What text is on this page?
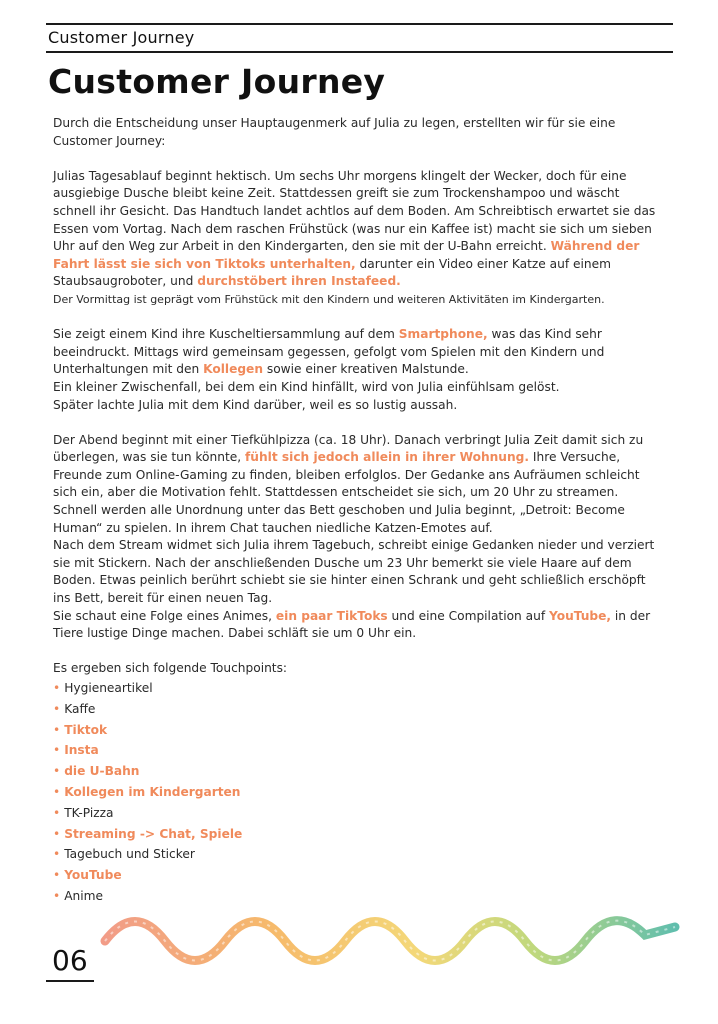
Customer Journey
Customer Journey

Durch die Entscheidung unser Hauptaugenmerk auf Julia zu legen, erstellten wir für sie eine Customer Journey:

Julias Tagesablauf beginnt hektisch. Um sechs Uhr morgens klingelt der Wecker, doch für eine ausgiebige Dusche bleibt keine Zeit. Stattdessen greift sie zum Trockenshampoo und wäscht schnell ihr Gesicht. Das Handtuch landet achtlos auf dem Boden. Am Schreibtisch erwartet sie das Essen vom Vortag. Nach dem raschen Frühstück (was nur ein Kaffee ist) macht sie sich um sieben Uhr auf den Weg zur Arbeit in den Kindergarten, den sie mit der U-Bahn erreicht. Während der Fahrt lässt sie sich von Tiktoks unterhalten, darunter ein Video einer Katze auf einem Staubsaugroboter, und durchstöbert ihren Instafeed.
Der Vormittag ist geprägt vom Frühstück mit den Kindern und weiteren Aktivitäten im Kindergarten.

Sie zeigt einem Kind ihre Kuscheltiersammlung auf dem Smartphone, was das Kind sehr beeindruckt. Mittags wird gemeinsam gegessen, gefolgt vom Spielen mit den Kindern und Unterhaltungen mit den Kollegen sowie einer kreativen Malstunde.
Ein kleiner Zwischenfall, bei dem ein Kind hinfällt, wird von Julia einfühlsam gelöst.
Später lachte Julia mit dem Kind darüber, weil es so lustig aussah.

Der Abend beginnt mit einer Tiefkühlpizza (ca. 18 Uhr). Danach verbringt Julia Zeit damit sich zu überlegen, was sie tun könnte, fühlt sich jedoch allein in ihrer Wohnung. Ihre Versuche, Freunde zum Online-Gaming zu finden, bleiben erfolglos. Der Gedanke ans Aufräumen schleicht sich ein, aber die Motivation fehlt. Stattdessen entscheidet sie sich, um 20 Uhr zu streamen. Schnell werden alle Unordnung unter das Bett geschoben und Julia beginnt, „Detroit: Become Human“ zu spielen. In ihrem Chat tauchen niedliche Katzen-Emotes auf.
Nach dem Stream widmet sich Julia ihrem Tagebuch, schreibt einige Gedanken nieder und verziert sie mit Stickern. Nach der anschließenden Dusche um 23 Uhr bemerkt sie viele Haare auf dem Boden. Etwas peinlich berührt schiebt sie sie hinter einen Schrank und geht schließlich erschöpft ins Bett, bereit für einen neuen Tag.
Sie schaut eine Folge eines Animes, ein paar TikToks und eine Compilation auf YouTube, in der Tiere lustige Dinge machen. Dabei schläft sie um 0 Uhr ein.

Es ergeben sich folgende Touchpoints:
• Hygieneartikel
• Kaffe
• Tiktok
• Insta
• die U-Bahn
• Kollegen im Kindergarten
• TK-Pizza
• Streaming -> Chat, Spiele
• Tagebuch und Sticker
• YouTube
• Anime
06
